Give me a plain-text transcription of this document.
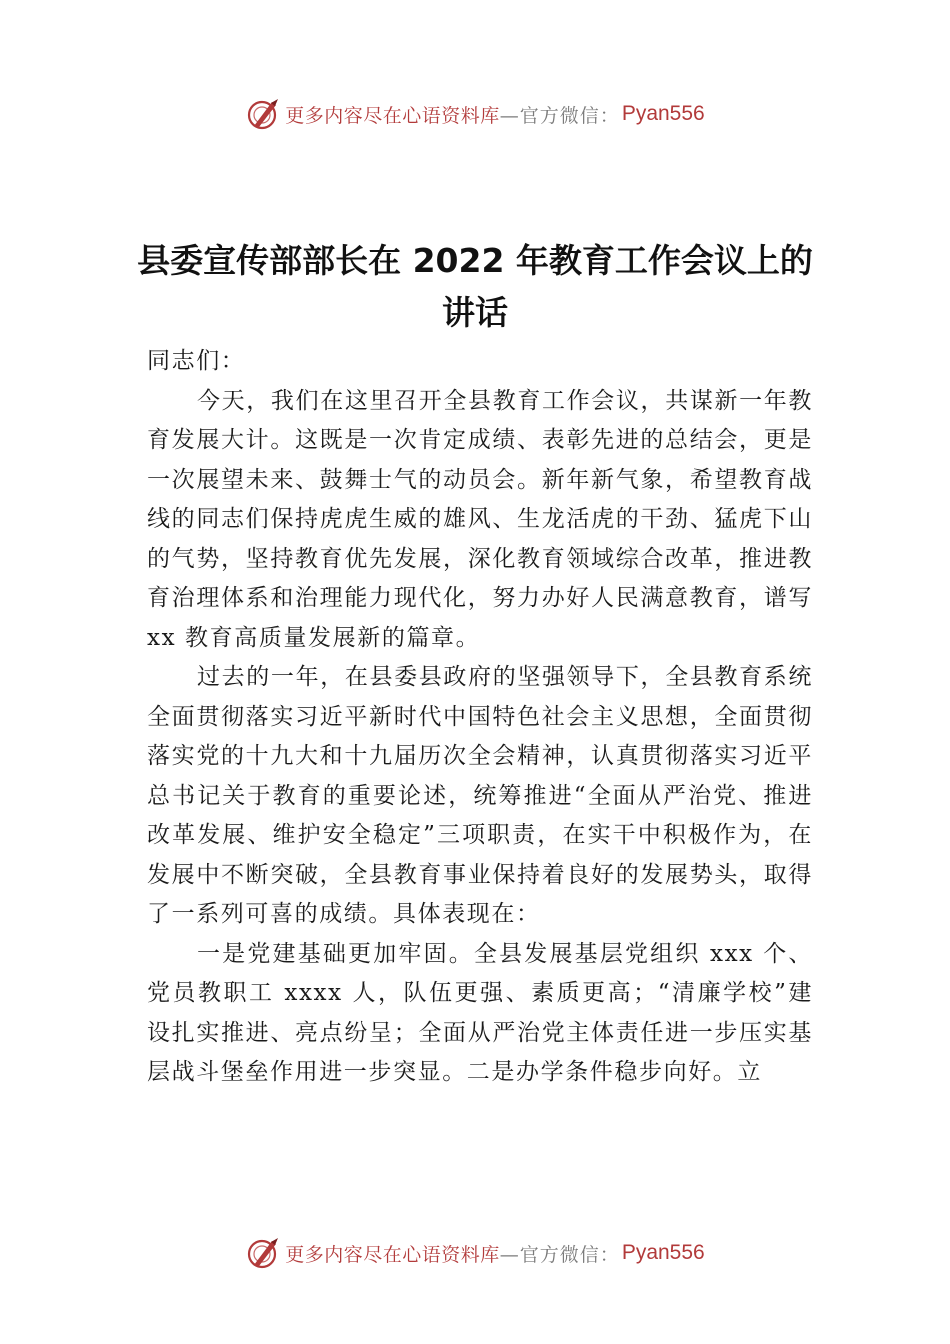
更多内容尽在心语资料库 —官方微信： Pyan556
县委宣传部部长在 2022 年教育工作会议上的讲话

同志们：

今天，我们在这里召开全县教育工作会议，共谋新一年教育发展大计。这既是一次肯定成绩、表彰先进的总结会，更是一次展望未来、鼓舞士气的动员会。新年新气象，希望教育战线的同志们保持虎虎生威的雄风、生龙活虎的干劲、猛虎下山的气势，坚持教育优先发展，深化教育领域综合改革，推进教育治理体系和治理能力现代化，努力办好人民满意教育，谱写 xx 教育高质量发展新的篇章。

过去的一年，在县委县政府的坚强领导下，全县教育系统全面贯彻落实习近平新时代中国特色社会主义思想，全面贯彻落实党的十九大和十九届历次全会精神，认真贯彻落实习近平总书记关于教育的重要论述，统筹推进“全面从严治党、推进改革发展、维护安全稳定”三项职责，在实干中积极作为，在发展中不断突破，全县教育事业保持着良好的发展势头，取得了一系列可喜的成绩。具体表现在：

一是党建基础更加牢固。全县发展基层党组织 xxx 个、党员教职工 xxxx 人，队伍更强、素质更高；“清廉学校”建设扎实推进、亮点纷呈；全面从严治党主体责任进一步压实基层战斗堡垒作用进一步突显。二是办学条件稳步向好。立

更多内容尽在心语资料库 —官方微信： Pyan556
